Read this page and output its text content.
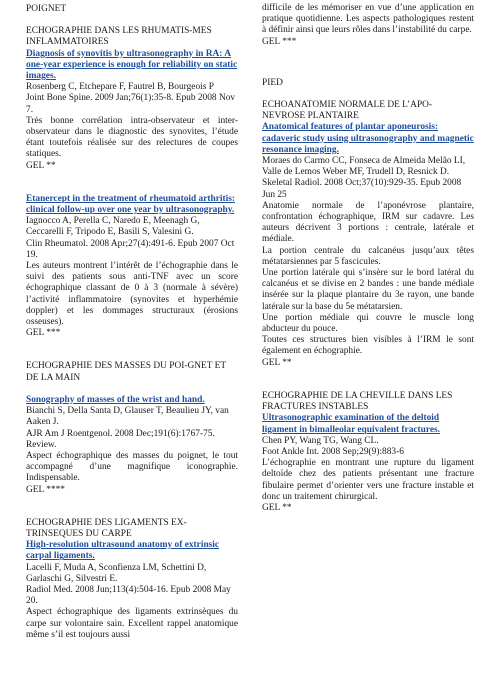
POIGNET

ECHOGRAPHIE DANS LES RHUMATIS-MES INFLAMMATOIRES

Diagnosis of synovitis by ultrasonography in RA: A one-year experience is enough for reliability on static images.

Rosenberg C, Etcheparе F, Fautrel B, Bourgeois P

Joint Bone Spine. 2009 Jan;76(1):35-8. Epub 2008 Nov 7.

Très bonne corrélation intra-observateur et inter-observateur dans le diagnostic des synovites, l’étude étant toutefois réalisée sur des relectures de coupes statiques.

GEL **

Etanercept in the treatment of rheumatoid arthritis: clinical follow-up over one year by ultrasonography.

Iagnocco A, Perella C, Naredo E, Meenagh G, Ceccarelli F, Tripodo E, Basili S, Valesini G.

Clin Rheumatol. 2008 Apr;27(4):491-6. Epub 2007 Oct 19.

Les auteurs montrent l’intérêt de l’échographie dans le suivi des patients sous anti-TNF avec un score échographique classant de 0 à 3 (normale à sévère) l’activité inflammatoire (synovites et hyperhémie doppler) et les dommages structuraux (érosions osseuses).

GEL ***

ECHOGRAPHIE DES MASSES DU POI-GNET ET DE LA MAIN

Sonography of masses of the wrist and hand.

Bianchi S, Della Santa D, Glauser T, Beaulieu JY, van Aaken J.

AJR Am J Roentgenol. 2008 Dec;191(6):1767-75. Review.

Aspect échographique des masses du poignet, le tout accompagné d’une magnifique iconographie. Indispensable.

GEL ****

ECHOGRAPHIE DES LIGAMENTS EX-TRINSEQUES DU CARPE

High-resolution ultrasound anatomy of extrinsic carpal ligaments.

Lacelli F, Muda A, Sconfienza LM, Schettini D, Garlaschi G, Silvestri E.

Radiol Med. 2008 Jun;113(4):504-16. Epub 2008 May 20.

Aspect échographique des ligaments extrinsèques du carpe sur volontaire sain. Excellent rappel anatomique même s’il est toujours aussi

difficile de les mémoriser en vue d’une application en pratique quotidienne. Les aspects pathologiques restent à définir ainsi que leurs rôles dans l’instabilité du carpe.

GEL ***

PIED

ECHOANATOMIE NORMALE DE L’APO-NEVROSE PLANTAIRE

Anatomical features of plantar aponeurosis: cadaveric study using ultrasonography and magnetic resonance imaging.

Moraes do Carmo CC, Fonseca de Almeida Melão LI, Valle de Lemos Weber MF, Trudell D, Resnick D.

Skeletal Radiol. 2008 Oct;37(10):929-35. Epub 2008 Jun 25

Anatomie normale de l’aponévrose plantaire, confrontation échographique, IRM sur cadavre. Les auteurs décrivent 3 portions : centrale, latérale et médiale.

La portion centrale du calcanéus jusqu’aux têtes métatarsiennes par 5 fascicules.

Une portion latérale qui s’insère sur le bord latéral du calcanéus et se divise en 2 bandes : une bande médiale insérée sur la plaque plantaire du 3e rayon, une bande latérale sur la base du 5e métatarsien.

Une portion médiale qui couvre le muscle long abducteur du pouce.

Toutes ces structures bien visibles à l’IRM le sont également en échographie.

GEL **

ECHOGRAPHIE DE LA CHEVILLE DANS LES FRACTURES INSTABLES

Ultrasonographic examination of the deltoid ligament in bimalleolar equivalent fractures.

Chen PY, Wang TG, Wang CL.

Foot Ankle Int. 2008 Sep;29(9):883-6

L’échographie en montrant une rupture du ligament deltoïde chez des patients présentant une fracture fibulaire permet d’orienter vers une fracture instable et donc un traitement chirurgical.

GEL **
